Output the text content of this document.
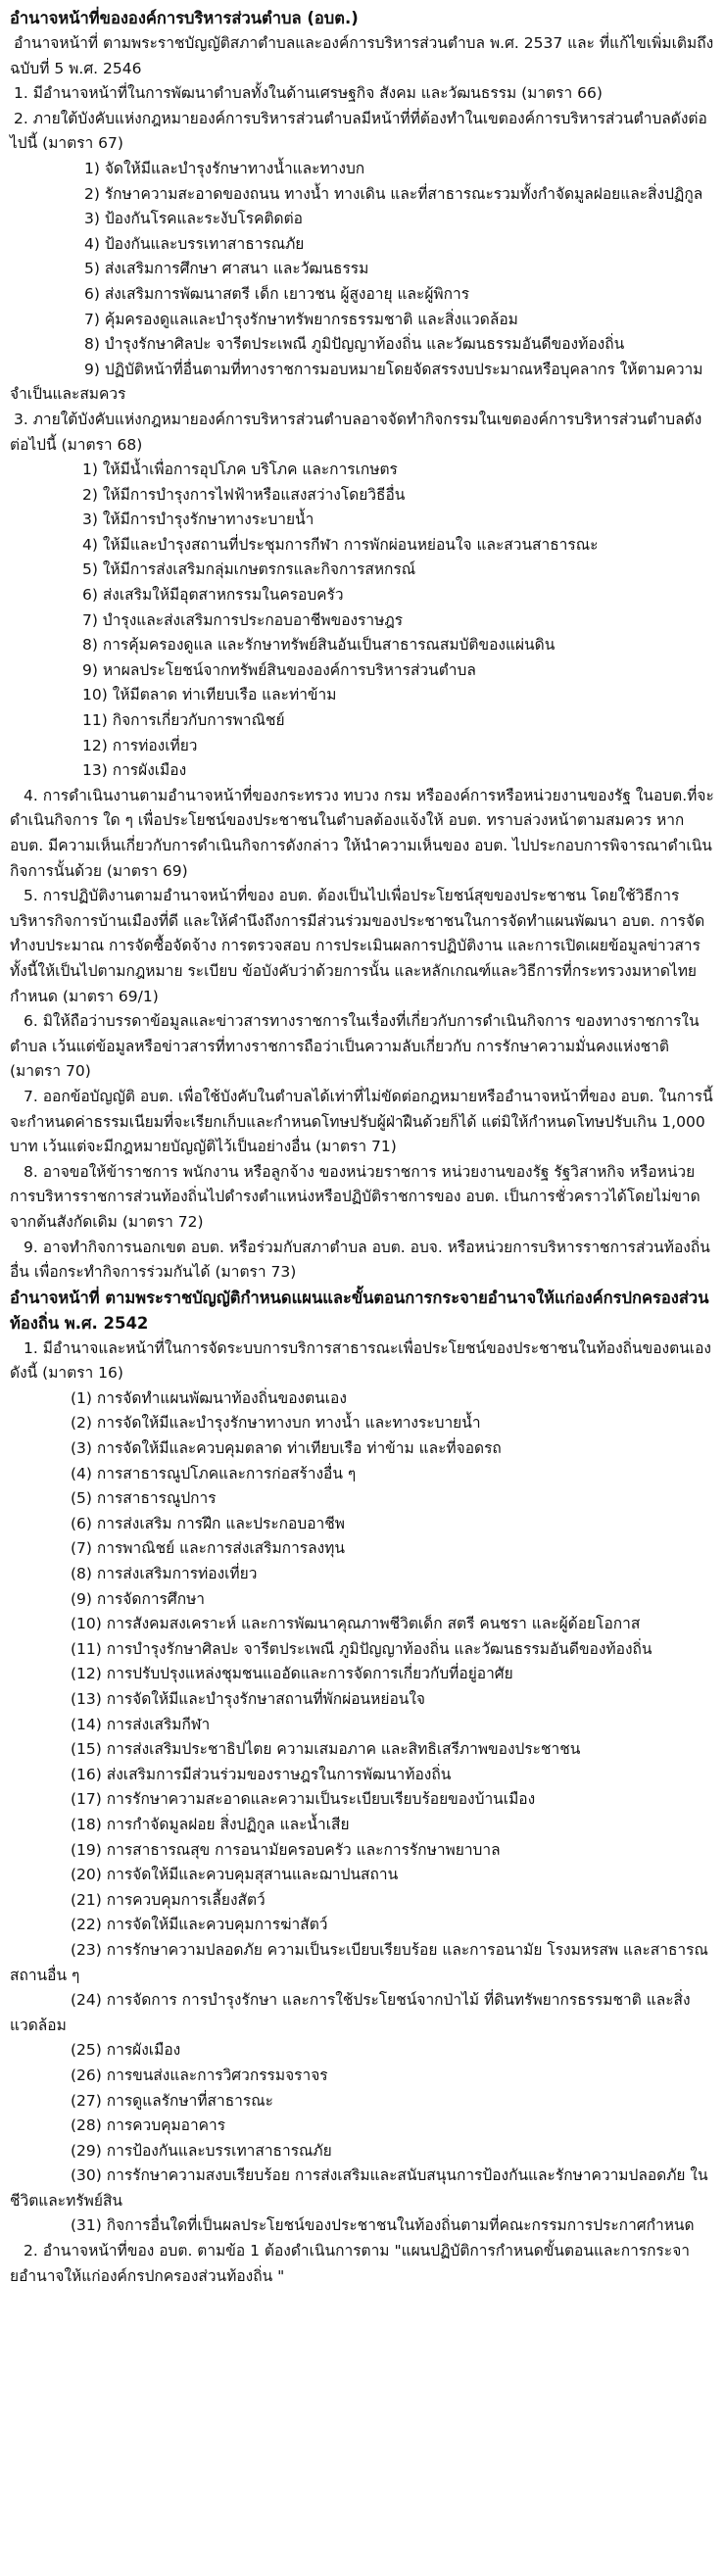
อำนาจหน้าที่ขององค์การบริหารส่วนตำบล (อบต.)
อำนาจหน้าที่ ตามพระราชบัญญัติสภาตำบลและองค์การบริหารส่วนตำบล พ.ศ. 2537 และ ที่แก้ไขเพิ่มเติมถึงฉบับที่ 5 พ.ศ. 2546
1. มีอำนาจหน้าที่ในการพัฒนาตำบลทั้งในด้านเศรษฐกิจ สังคม และวัฒนธรรม (มาตรา 66)
2. ภายใต้บังคับแห่งกฎหมายองค์การบริหารส่วนตำบลมีหน้าที่ที่ต้องทำในเขตองค์การบริหารส่วนตำบลดังต่อไปนี้ (มาตรา 67)
1) จัดให้มีและบำรุงรักษาทางน้ำและทางบก
2) รักษาความสะอาดของถนน ทางน้ำ ทางเดิน และที่สาธารณะรวมทั้งกำจัดมูลฝอยและสิ่งปฏิกูล
3) ป้องกันโรคและระงับโรคติดต่อ
4) ป้องกันและบรรเทาสาธารณภัย
5) ส่งเสริมการศึกษา ศาสนา และวัฒนธรรม
6) ส่งเสริมการพัฒนาสตรี เด็ก เยาวชน ผู้สูงอายุ และผู้พิการ
7) คุ้มครองดูแลและบำรุงรักษาทรัพยากรธรรมชาติ และสิ่งแวดล้อม
8) บำรุงรักษาศิลปะ จารีตประเพณี ภูมิปัญญาท้องถิ่น และวัฒนธรรมอันดีของท้องถิ่น
9) ปฏิบัติหน้าที่อื่นตามที่ทางราชการมอบหมายโดยจัดสรรงบประมาณหรือบุคลากร ให้ตามความจำเป็นและสมควร
3. ภายใต้บังคับแห่งกฎหมายองค์การบริหารส่วนตำบลอาจจัดทำกิจกรรมในเขตองค์การบริหารส่วนตำบลดังต่อไปนี้ (มาตรา 68)
1) ให้มีน้ำเพื่อการอุปโภค บริโภค และการเกษตร
2) ให้มีการบำรุงการไฟฟ้าหรือแสงสว่างโดยวิธีอื่น
3) ให้มีการบำรุงรักษาทางระบายน้ำ
4) ให้มีและบำรุงสถานที่ประชุมการกีฬา การพักผ่อนหย่อนใจ และสวนสาธารณะ
5) ให้มีการส่งเสริมกลุ่มเกษตรกรและกิจการสหกรณ์
6) ส่งเสริมให้มีอุตสาหกรรมในครอบครัว
7) บำรุงและส่งเสริมการประกอบอาชีพของราษฎร
8) การคุ้มครองดูแล และรักษาทรัพย์สินอันเป็นสาธารณสมบัติของแผ่นดิน
9) หาผลประโยชน์จากทรัพย์สินขององค์การบริหารส่วนตำบล
10) ให้มีตลาด ท่าเทียบเรือ และท่าข้าม
11) กิจการเกี่ยวกับการพาณิชย์
12) การท่องเที่ยว
13) การผังเมือง
4. การดำเนินงานตามอำนาจหน้าที่ของกระทรวง ทบวง กรม หรือองค์การหรือหน่วยงานของรัฐ ในอบต.ที่จะดำเนินกิจการ ใด ๆ เพื่อประโยชน์ของประชาชนในตำบลต้องแจ้งให้ อบต. ทราบล่วงหน้าตามสมควร หาก อบต. มีความเห็นเกี่ยวกับการดำเนินกิจการดังกล่าว ให้นำความเห็นของ อบต. ไปประกอบการพิจารณาดำเนินกิจการนั้นด้วย (มาตรา 69)
5. การปฏิบัติงานตามอำนาจหน้าที่ของ อบต. ต้องเป็นไปเพื่อประโยชน์สุขของประชาชน โดยใช้วิธีการบริหารกิจการบ้านเมืองที่ดี และให้คำนึงถึงการมีส่วนร่วมของประชาชนในการจัดทำแผนพัฒนา อบต. การจัดทำงบประมาณ การจัดซื้อจัดจ้าง การตรวจสอบ การประเมินผลการปฏิบัติงาน และการเปิดเผยข้อมูลข่าวสาร ทั้งนี้ให้เป็นไปตามกฎหมาย ระเบียบ ข้อบังคับว่าด้วยการนั้น และหลักเกณฑ์และวิธีการที่กระทรวงมหาดไทยกำหนด (มาตรา 69/1)
6. มิให้ถือว่าบรรดาข้อมูลและข่าวสารทางราชการในเรื่องที่เกี่ยวกับการดำเนินกิจการ ของทางราชการในตำบล เว้นแต่ข้อมูลหรือข่าวสารที่ทางราชการถือว่าเป็นความลับเกี่ยวกับ การรักษาความมั่นคงแห่งชาติ (มาตรา 70)
7. ออกข้อบัญญัติ อบต. เพื่อใช้บังคับในตำบลได้เท่าที่ไม่ขัดต่อกฎหมายหรืออำนาจหน้าที่ของ อบต. ในการนี้จะกำหนดค่าธรรมเนียมที่จะเรียกเก็บและกำหนดโทษปรับผู้ฝ่าฝืนด้วยก็ได้ แต่มิให้กำหนดโทษปรับเกิน 1,000 บาท เว้นแต่จะมีกฎหมายบัญญัติไว้เป็นอย่างอื่น (มาตรา 71)
8. อาจขอให้ข้าราชการ พนักงาน หรือลูกจ้าง ของหน่วยราชการ หน่วยงานของรัฐ รัฐวิสาหกิจ หรือหน่วยการบริหารราชการส่วนท้องถิ่นไปดำรงตำแหน่งหรือปฏิบัติราชการของ อบต. เป็นการชั่วคราวได้โดยไม่ขาดจากต้นสังกัดเดิม (มาตรา 72)
9. อาจทำกิจการนอกเขต อบต. หรือร่วมกับสภาตำบล อบต. อบจ. หรือหน่วยการบริหารราชการส่วนท้องถิ่นอื่น เพื่อกระทำกิจการร่วมกันได้ (มาตรา 73)
อำนาจหน้าที่ ตามพระราชบัญญัติกำหนดแผนและขั้นตอนการกระจายอำนาจให้แก่องค์กรปกครองส่วนท้องถิ่น พ.ศ. 2542
1. มีอำนาจและหน้าที่ในการจัดระบบการบริการสาธารณะเพื่อประโยชน์ของประชาชนในท้องถิ่นของตนเองดังนี้ (มาตรา 16)
(1) การจัดทำแผนพัฒนาท้องถิ่นของตนเอง
(2) การจัดให้มีและบำรุงรักษาทางบก ทางน้ำ และทางระบายน้ำ
(3) การจัดให้มีและควบคุมตลาด ท่าเทียบเรือ ท่าข้าม และที่จอดรถ
(4) การสาธารณูปโภคและการก่อสร้างอื่น ๆ
(5) การสาธารณูปการ
(6) การส่งเสริม การฝึก และประกอบอาชีพ
(7) การพาณิชย์ และการส่งเสริมการลงทุน
(8) การส่งเสริมการท่องเที่ยว
(9) การจัดการศึกษา
(10) การสังคมสงเคราะห์ และการพัฒนาคุณภาพชีวิตเด็ก สตรี คนชรา และผู้ด้อยโอกาส
(11) การบำรุงรักษาศิลปะ จารีตประเพณี ภูมิปัญญาท้องถิ่น และวัฒนธรรมอันดีของท้องถิ่น
(12) การปรับปรุงแหล่งชุมชนแออัดและการจัดการเกี่ยวกับที่อยู่อาศัย
(13) การจัดให้มีและบำรุงรักษาสถานที่พักผ่อนหย่อนใจ
(14) การส่งเสริมกีฬา
(15) การส่งเสริมประชาธิปไตย ความเสมอภาค และสิทธิเสรีภาพของประชาชน
(16) ส่งเสริมการมีส่วนร่วมของราษฎรในการพัฒนาท้องถิ่น
(17) การรักษาความสะอาดและความเป็นระเบียบเรียบร้อยของบ้านเมือง
(18) การกำจัดมูลฝอย สิ่งปฏิกูล และน้ำเสีย
(19) การสาธารณสุข การอนามัยครอบครัว และการรักษาพยาบาล
(20) การจัดให้มีและควบคุมสุสานและฌาปนสถาน
(21) การควบคุมการเลี้ยงสัตว์
(22) การจัดให้มีและควบคุมการฆ่าสัตว์
(23) การรักษาความปลอดภัย ความเป็นระเบียบเรียบร้อย และการอนามัย โรงมหรสพ และสาธารณสถานอื่น ๆ
(24) การจัดการ การบำรุงรักษา และการใช้ประโยชน์จากป่าไม้ ที่ดินทรัพยากรธรรมชาติ และสิ่งแวดล้อม
(25) การผังเมือง
(26) การขนส่งและการวิศวกรรมจราจร
(27) การดูแลรักษาที่สาธารณะ
(28) การควบคุมอาคาร
(29) การป้องกันและบรรเทาสาธารณภัย
(30) การรักษาความสงบเรียบร้อย การส่งเสริมและสนับสนุนการป้องกันและรักษาความปลอดภัย ในชีวิตและทรัพย์สิน
(31) กิจการอื่นใดที่เป็นผลประโยชน์ของประชาชนในท้องถิ่นตามที่คณะกรรมการประกาศกำหนด
2. อำนาจหน้าที่ของ อบต. ตามข้อ 1 ต้องดำเนินการตาม "แผนปฏิบัติการกำหนดขั้นตอนและการกระจายอำนาจให้แก่องค์กรปกครองส่วนท้องถิ่น "
